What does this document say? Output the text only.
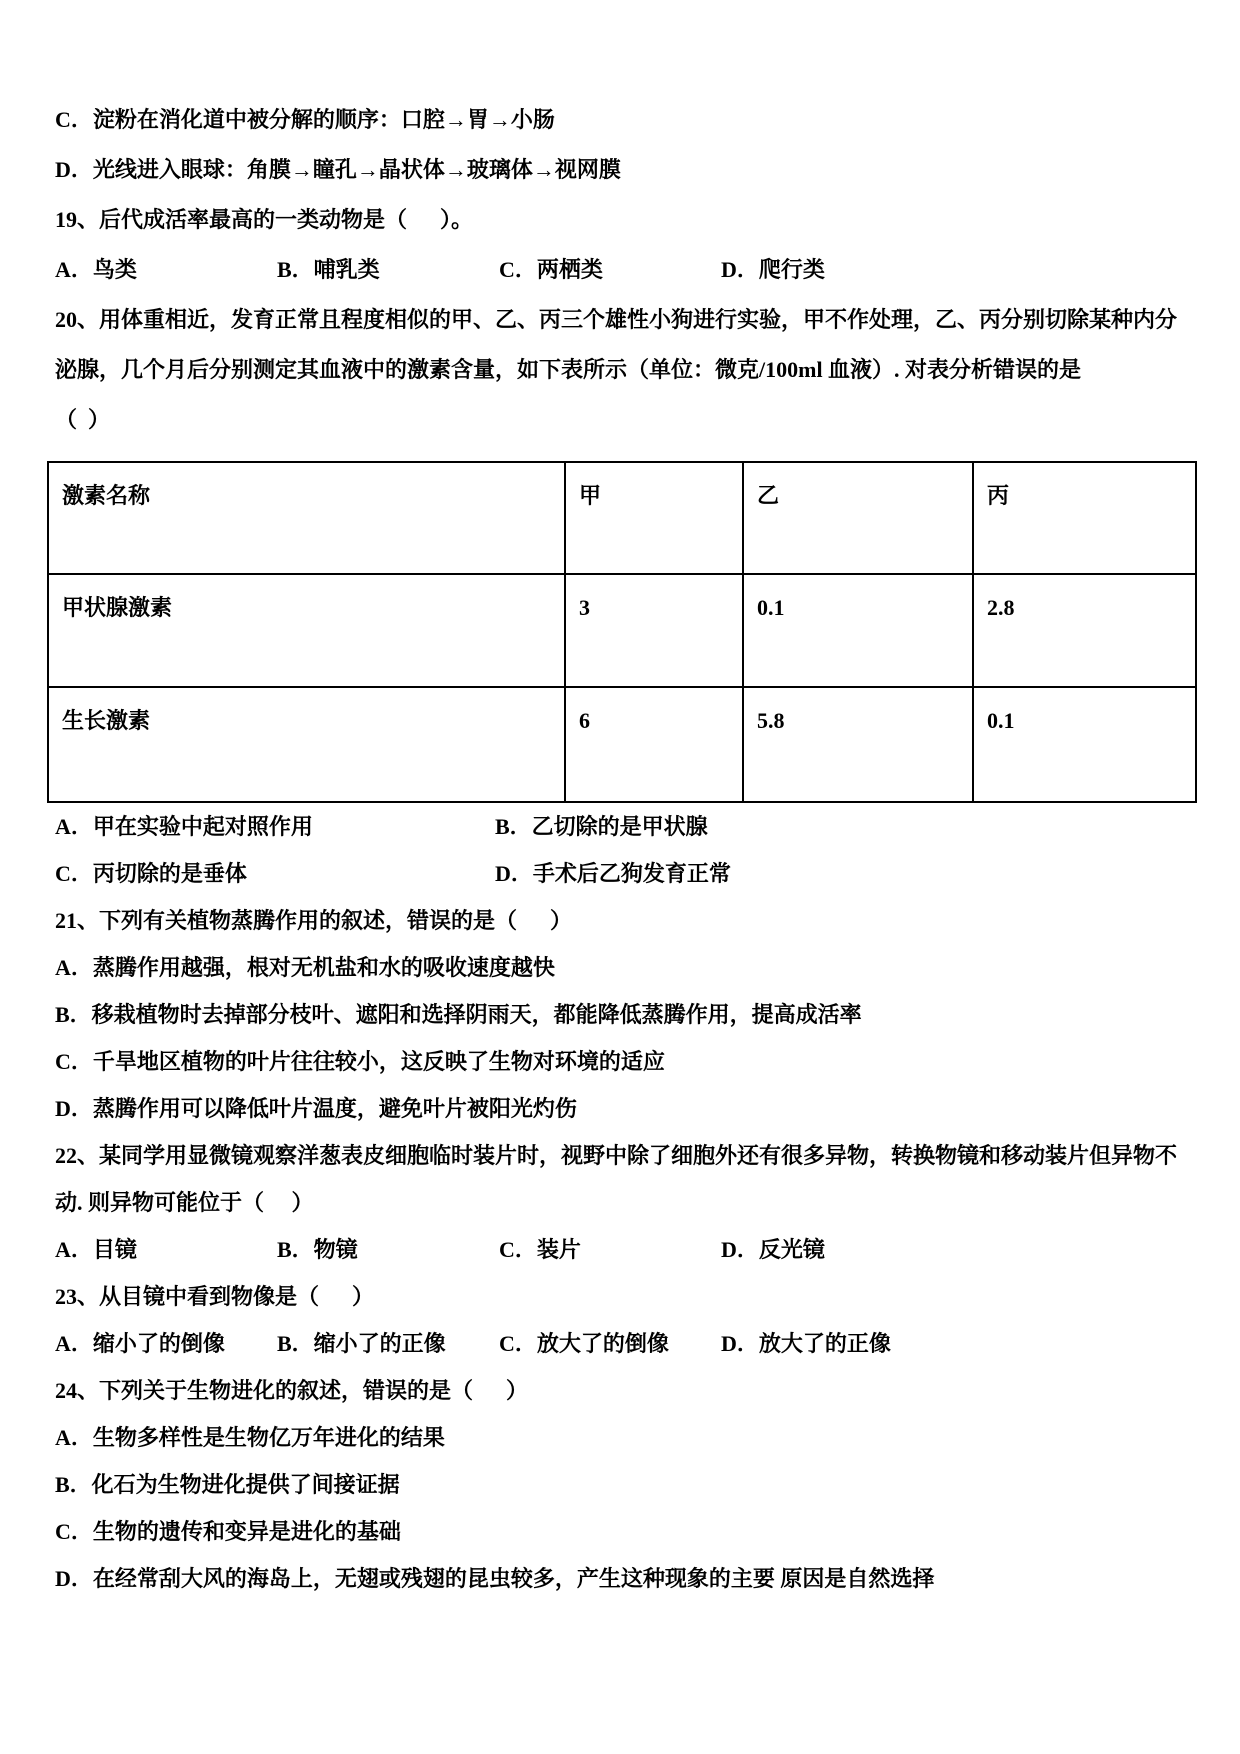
C．淀粉在消化道中被分解的顺序：口腔→胃→小肠
D．光线进入眼球：角膜→瞳孔→晶状体→玻璃体→视网膜
19、后代成活率最高的一类动物是（      ）。
A．鸟类	B．哺乳类	C．两栖类	D．爬行类
20、用体重相近，发育正常且程度相似的甲、乙、丙三个雄性小狗进行实验，甲不作处理，乙、丙分别切除某种内分
泌腺，几个月后分别测定其血液中的激素含量，如下表所示（单位：微克/100ml 血液）. 对表分析错误的是
（  ）
激素名称	甲	乙	丙
甲状腺激素	3	0.1	2.8
生长激素	6	5.8	0.1
A．甲在实验中起对照作用	B．乙切除的是甲状腺
C．丙切除的是垂体	D．手术后乙狗发育正常
21、下列有关植物蒸腾作用的叙述，错误的是（      ）
A．蒸腾作用越强，根对无机盐和水的吸收速度越快
B．移栽植物时去掉部分枝叶、遮阳和选择阴雨天，都能降低蒸腾作用，提高成活率
C．千旱地区植物的叶片往往较小，这反映了生物对环境的适应
D．蒸腾作用可以降低叶片温度，避免叶片被阳光灼伤
22、某同学用显微镜观察洋葱表皮细胞临时装片时，视野中除了细胞外还有很多异物，转换物镜和移动装片但异物不
动. 则异物可能位于（     ）
A．目镜	B．物镜	C．装片	D．反光镜
23、从目镜中看到物像是（      ）
A．缩小了的倒像	B．缩小了的正像	C．放大了的倒像	D．放大了的正像
24、下列关于生物进化的叙述，错误的是（      ）
A．生物多样性是生物亿万年进化的结果
B．化石为生物进化提供了间接证据
C．生物的遗传和变异是进化的基础
D．在经常刮大风的海岛上，无翅或残翅的昆虫较多，产生这种现象的主要 原因是自然选择
